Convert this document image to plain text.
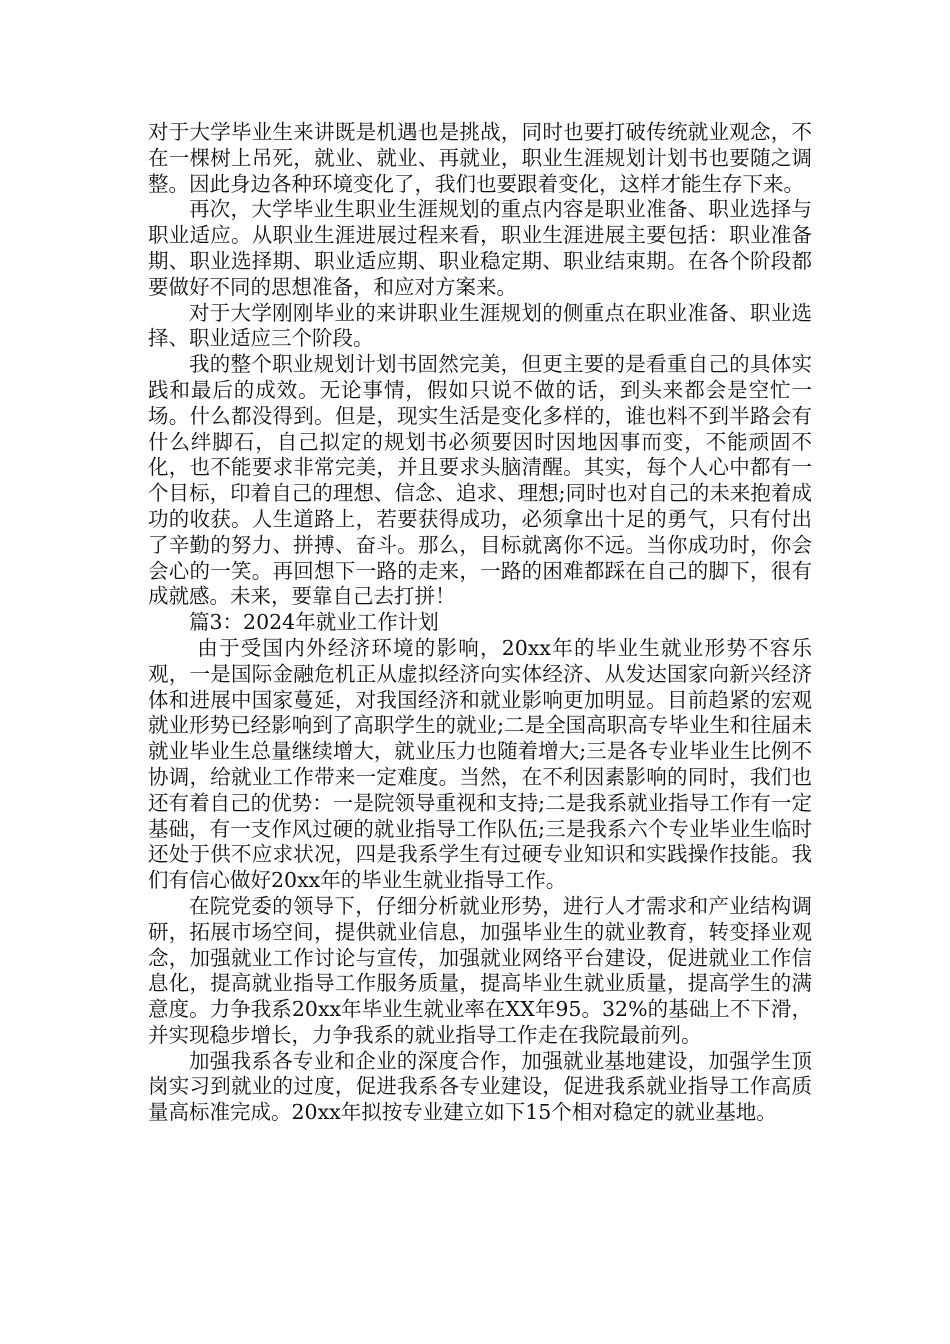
对于大学毕业生来讲既是机遇也是挑战，同时也要打破传统就业观念，不在一棵树上吊死，就业、就业、再就业，职业生涯规划计划书也要随之调整。因此身边各种环境变化了，我们也要跟着变化，这样才能生存下来。

再次，大学毕业生职业生涯规划的重点内容是职业准备、职业选择与职业适应。从职业生涯进展过程来看，职业生涯进展主要包括：职业准备期、职业选择期、职业适应期、职业稳定期、职业结束期。在各个阶段都要做好不同的思想准备，和应对方案来。

对于大学刚刚毕业的来讲职业生涯规划的侧重点在职业准备、职业选择、职业适应三个阶段。

我的整个职业规划计划书固然完美，但更主要的是看重自己的具体实践和最后的成效。无论事情，假如只说不做的话，到头来都会是空忙一场。什么都没得到。但是，现实生活是变化多样的，谁也料不到半路会有什么绊脚石，自己拟定的规划书必须要因时因地因事而变，不能顽固不化，也不能要求非常完美，并且要求头脑清醒。其实，每个人心中都有一个目标，印着自己的理想、信念、追求、理想;同时也对自己的未来抱着成功的收获。人生道路上，若要获得成功，必须拿出十足的勇气，只有付出了辛勤的努力、拼搏、奋斗。那么，目标就离你不远。当你成功时，你会会心的一笑。再回想下一路的走来，一路的困难都踩在自己的脚下，很有成就感。未来，要靠自己去打拼！

篇3：2024年就业工作计划

由于受国内外经济环境的影响，20xx年的毕业生就业形势不容乐观，一是国际金融危机正从虚拟经济向实体经济、从发达国家向新兴经济体和进展中国家蔓延，对我国经济和就业影响更加明显。目前趋紧的宏观就业形势已经影响到了高职学生的就业;二是全国高职高专毕业生和往届未就业毕业生总量继续增大，就业压力也随着增大;三是各专业毕业生比例不协调，给就业工作带来一定难度。当然，在不利因素影响的同时，我们也还有着自己的优势：一是院领导重视和支持;二是我系就业指导工作有一定基础，有一支作风过硬的就业指导工作队伍;三是我系六个专业毕业生临时还处于供不应求状况，四是我系学生有过硬专业知识和实践操作技能。我们有信心做好20xx年的毕业生就业指导工作。

在院党委的领导下，仔细分析就业形势，进行人才需求和产业结构调研，拓展市场空间，提供就业信息，加强毕业生的就业教育，转变择业观念，加强就业工作讨论与宣传，加强就业网络平台建设，促进就业工作信息化，提高就业指导工作服务质量，提高毕业生就业质量，提高学生的满意度。力争我系20xx年毕业生就业率在XX年95。32%的基础上不下滑，并实现稳步增长，力争我系的就业指导工作走在我院最前列。

加强我系各专业和企业的深度合作，加强就业基地建设，加强学生顶岗实习到就业的过度，促进我系各专业建设，促进我系就业指导工作高质量高标准完成。20xx年拟按专业建立如下15个相对稳定的就业基地。
